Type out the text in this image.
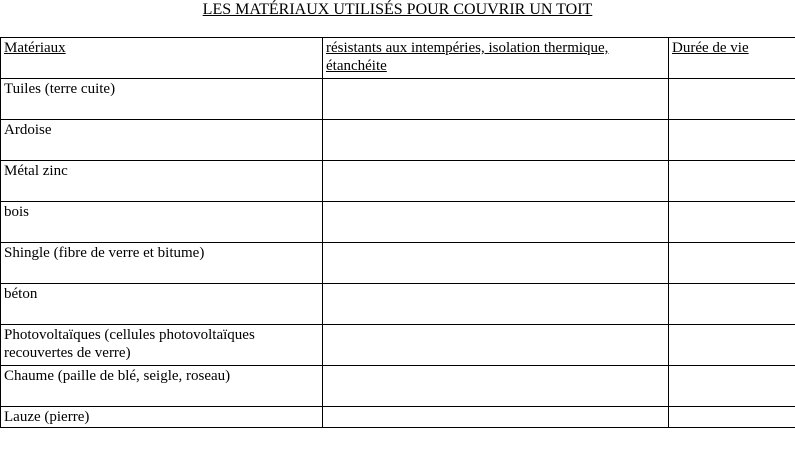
LES MATÉRIAUX UTILISÉS POUR COUVRIR UN TOIT
Matériaux	résistants aux intempéries, isolation thermique, étanchéite	Durée de vie
Tuiles (terre cuite)		
Ardoise		
Métal zinc		
bois		
Shingle (fibre de verre et bitume)		
béton		
Photovoltaïques (cellules photovoltaïques recouvertes de verre)		
Chaume (paille de blé, seigle, roseau)		
Lauze (pierre)		
